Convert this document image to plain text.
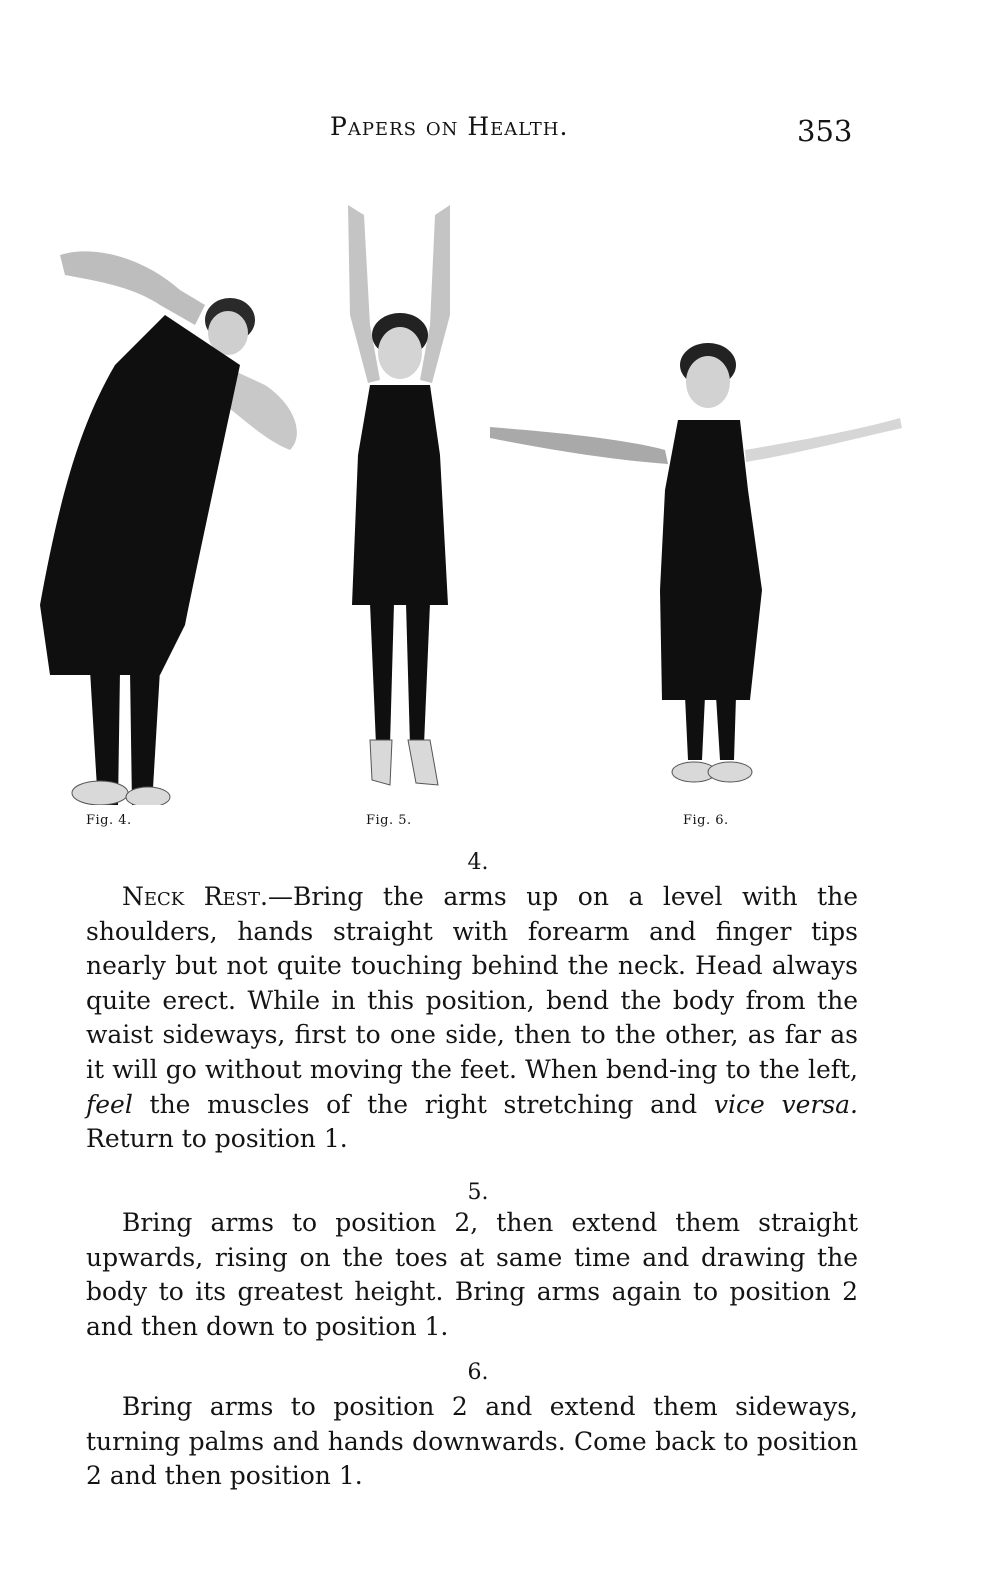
Papers on Health.	353
Fig. 4.	Fig. 5.	Fig. 6.
4.

Neck Rest.—Bring the arms up on a level with the shoulders, hands straight with forearm and finger tips nearly but not quite touching behind the neck. Head always quite erect. While in this position, bend the body from the waist sideways, first to one side, then to the other, as far as it will go without moving the feet. When bend-ing to the left, feel the muscles of the right stretching and vice versa. Return to position 1.

5.

Bring arms to position 2, then extend them straight upwards, rising on the toes at same time and drawing the body to its greatest height. Bring arms again to position 2 and then down to position 1.

6.

Bring arms to position 2 and extend them sideways, turning palms and hands downwards. Come back to position 2 and then position 1.
